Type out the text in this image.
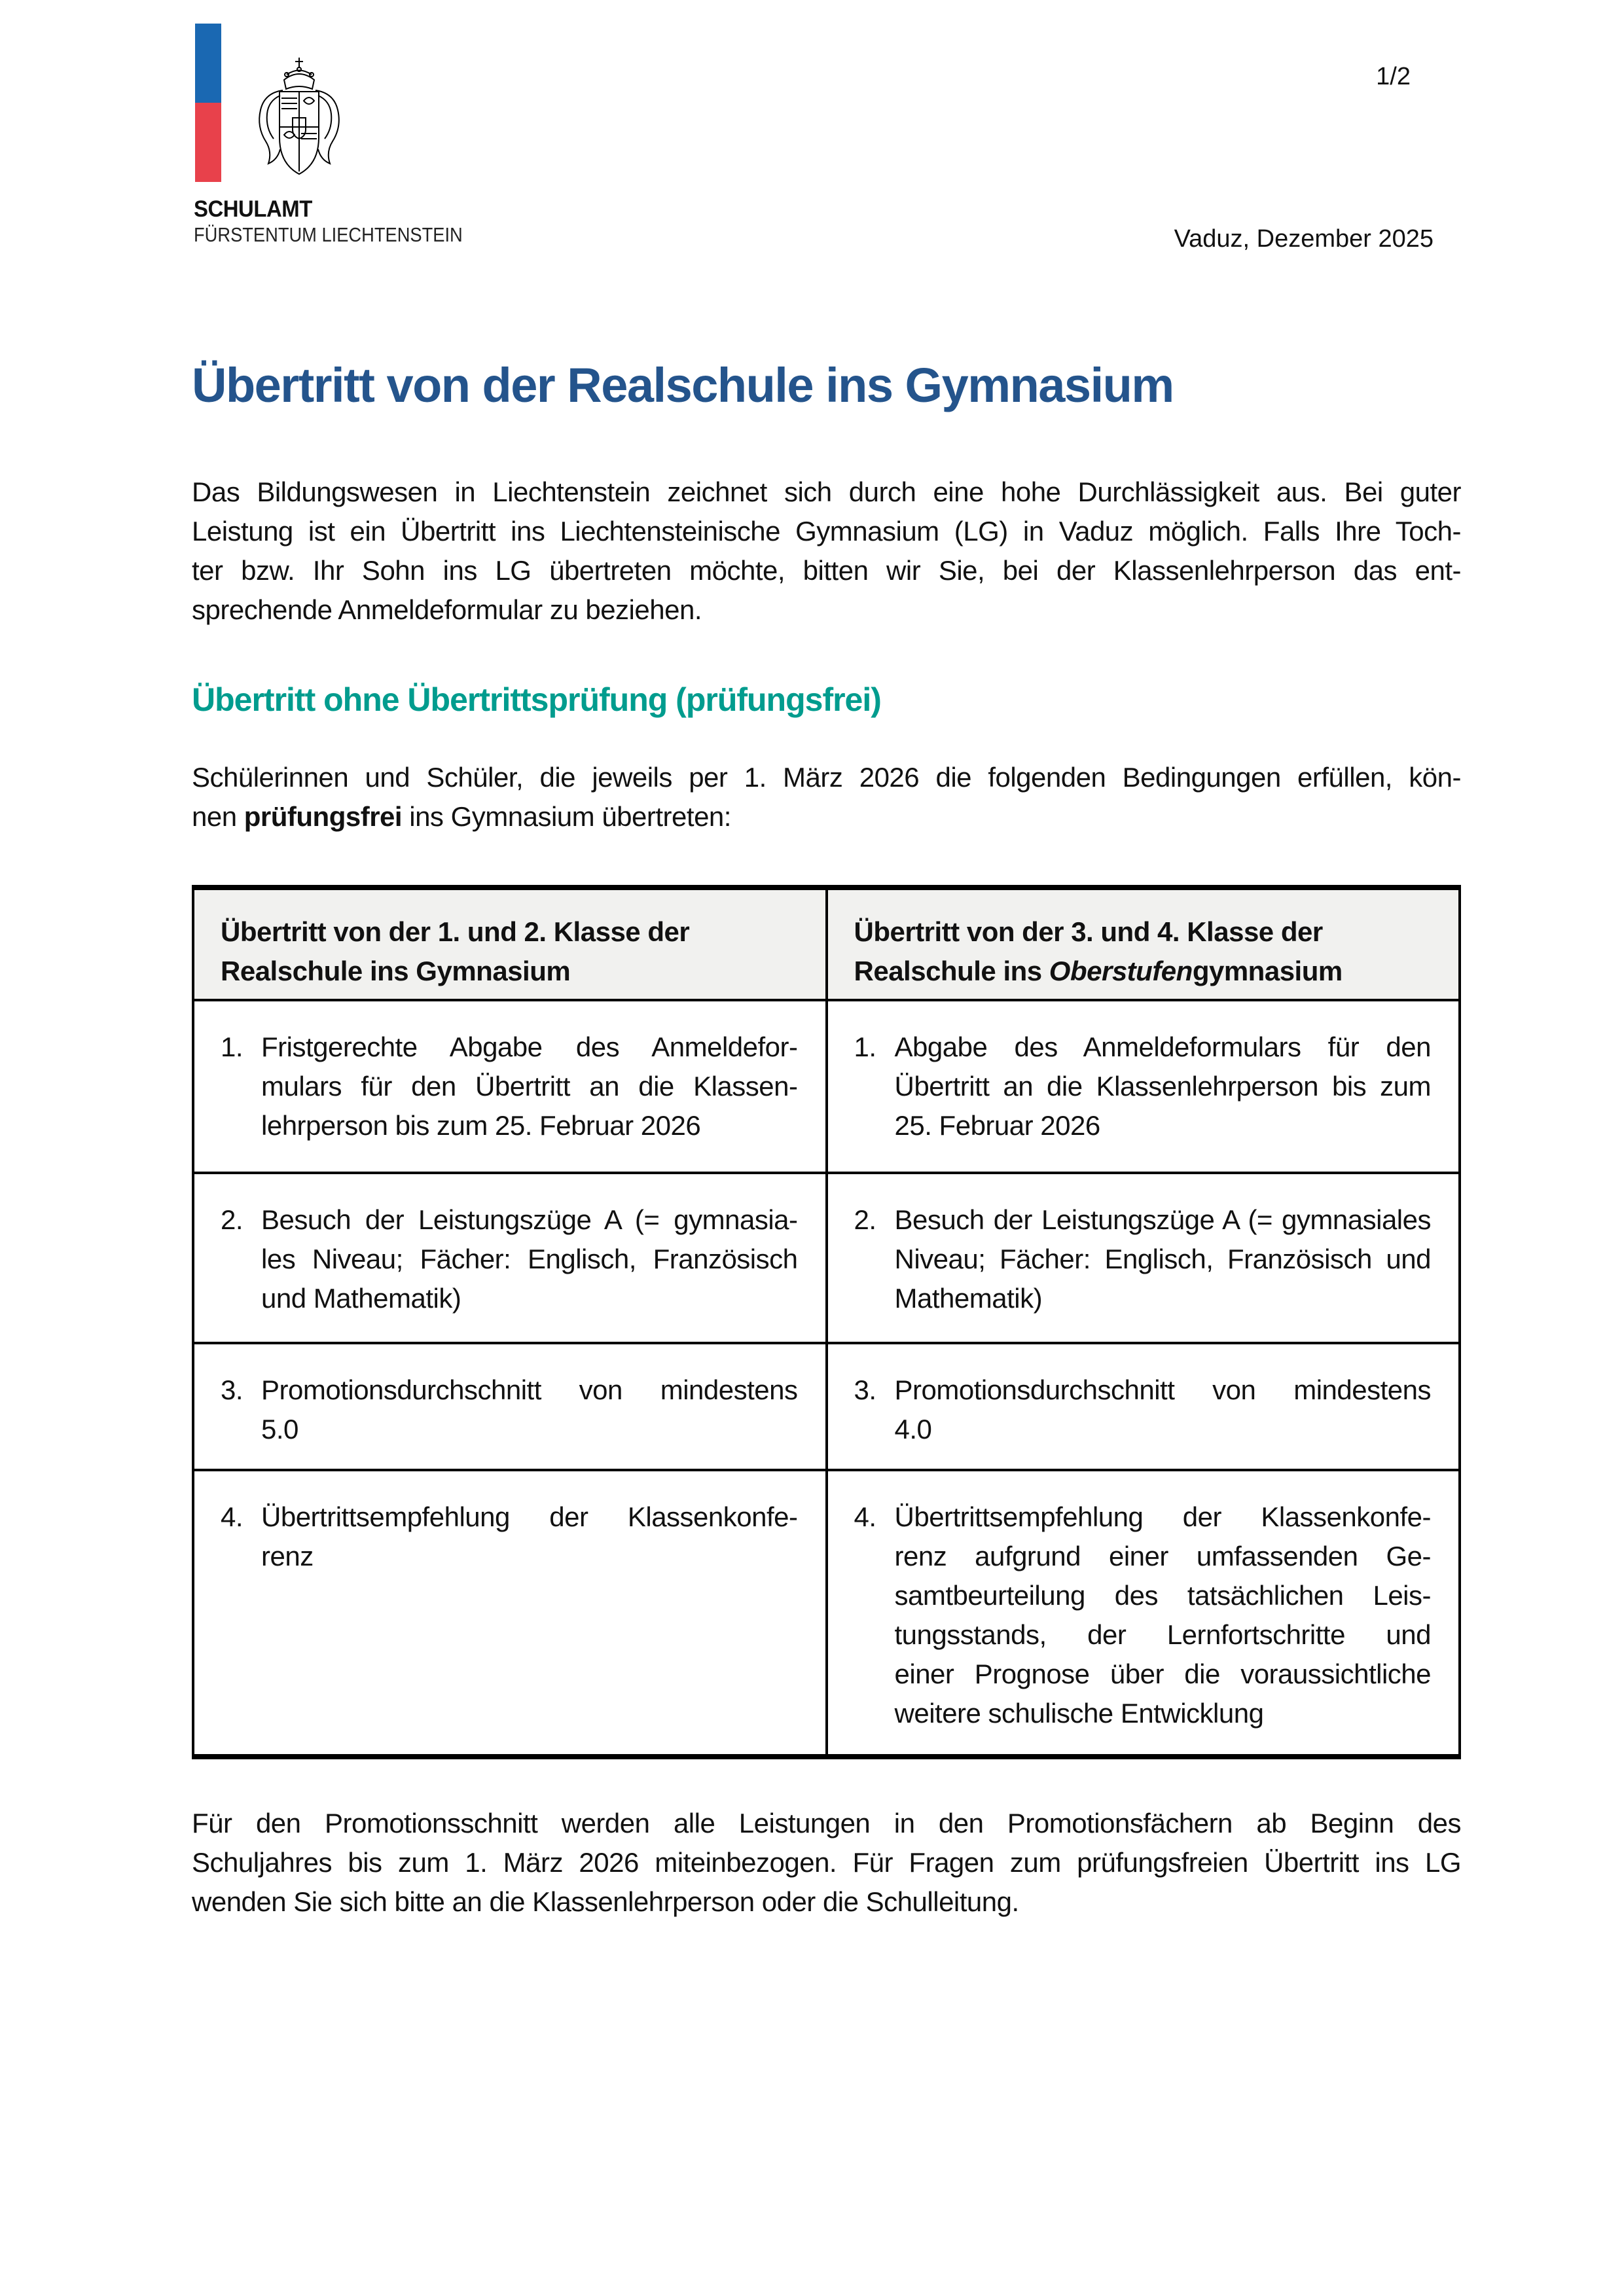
1/2
SCHULAMT
FÜRSTENTUM LIECHTENSTEIN	Vaduz, Dezember 2025
Übertritt von der Realschule ins Gymnasium
Das Bildungswesen in Liechtenstein zeichnet sich durch eine hohe Durchlässigkeit aus. Bei guter
Leistung ist ein Übertritt ins Liechtensteinische Gymnasium (LG) in Vaduz möglich. Falls Ihre Toch-
ter bzw. Ihr Sohn ins LG übertreten möchte, bitten wir Sie, bei der Klassenlehrperson das ent-
sprechende Anmeldeformular zu beziehen.
Übertritt ohne Übertrittsprüfung (prüfungsfrei)
Schülerinnen und Schüler, die jeweils per 1. März 2026 die folgenden Bedingungen erfüllen, kön-
nen prüfungsfrei ins Gymnasium übertreten:
Übertritt von der 1. und 2. Klasse der
Realschule ins Gymnasium
Übertritt von der 3. und 4. Klasse der
Realschule ins Oberstufengymnasium
1. Fristgerechte Abgabe des Anmeldefor-
mulars für den Übertritt an die Klassen-
lehrperson bis zum 25. Februar 2026
1. Abgabe des Anmeldeformulars für den
Übertritt an die Klassenlehrperson bis zum
25. Februar 2026
2. Besuch der Leistungszüge A (= gymnasia-
les Niveau; Fächer: Englisch, Französisch
und Mathematik)
2. Besuch der Leistungszüge A (= gymnasiales
Niveau; Fächer: Englisch, Französisch und
Mathematik)
3. Promotionsdurchschnitt von mindestens
5.0
3. Promotionsdurchschnitt von mindestens
4.0
4. Übertrittsempfehlung der Klassenkonfe-
renz
4. Übertrittsempfehlung der Klassenkonfe-
renz aufgrund einer umfassenden Ge-
samtbeurteilung des tatsächlichen Leis-
tungsstands, der Lernfortschritte und
einer Prognose über die voraussichtliche
weitere schulische Entwicklung
Für den Promotionsschnitt werden alle Leistungen in den Promotionsfächern ab Beginn des
Schuljahres bis zum 1. März 2026 miteinbezogen. Für Fragen zum prüfungsfreien Übertritt ins LG
wenden Sie sich bitte an die Klassenlehrperson oder die Schulleitung.
